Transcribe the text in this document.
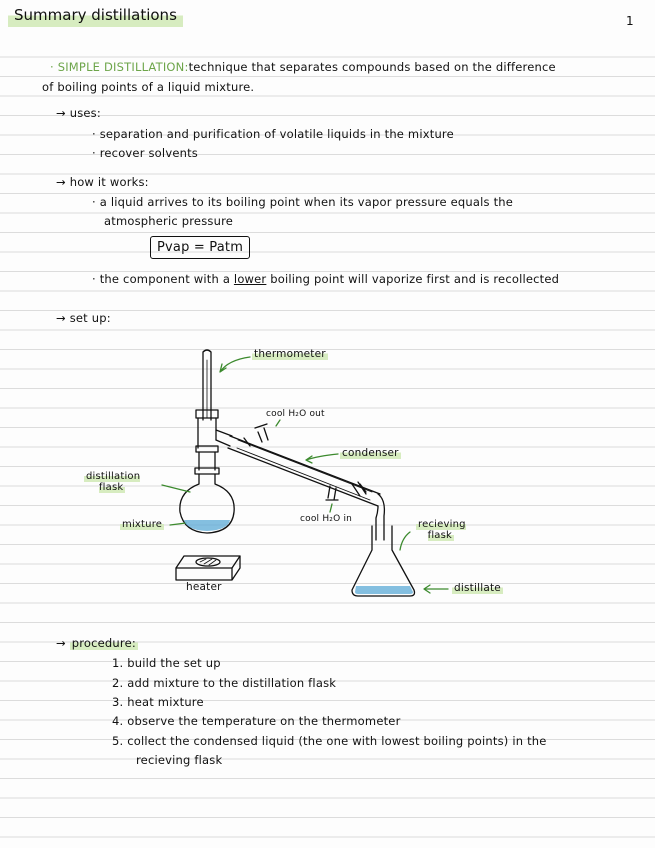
Summary distillations	1
· SIMPLE DISTILLATION:technique that separates compounds based on the difference
of boiling points of a liquid mixture.
→ uses:
· separation and purification of volatile liquids in the mixture
· recover solvents
→ how it works:
· a liquid arrives to its boiling point when its vapor pressure equals the
atmospheric pressure
Pvap = Patm
· the component with a lower boiling point will vaporize first and is recollected
→ set up:
thermometer
cool H₂O out
condenser
distillation
flask
mixture	cool H₂O in	recieving
flask
heater	distillate
→ procedure:
1. build the set up
2. add mixture to the distillation flask
3. heat mixture
4. observe the temperature on the thermometer
5. collect the condensed liquid (the one with lowest boiling points) in the
recieving flask
